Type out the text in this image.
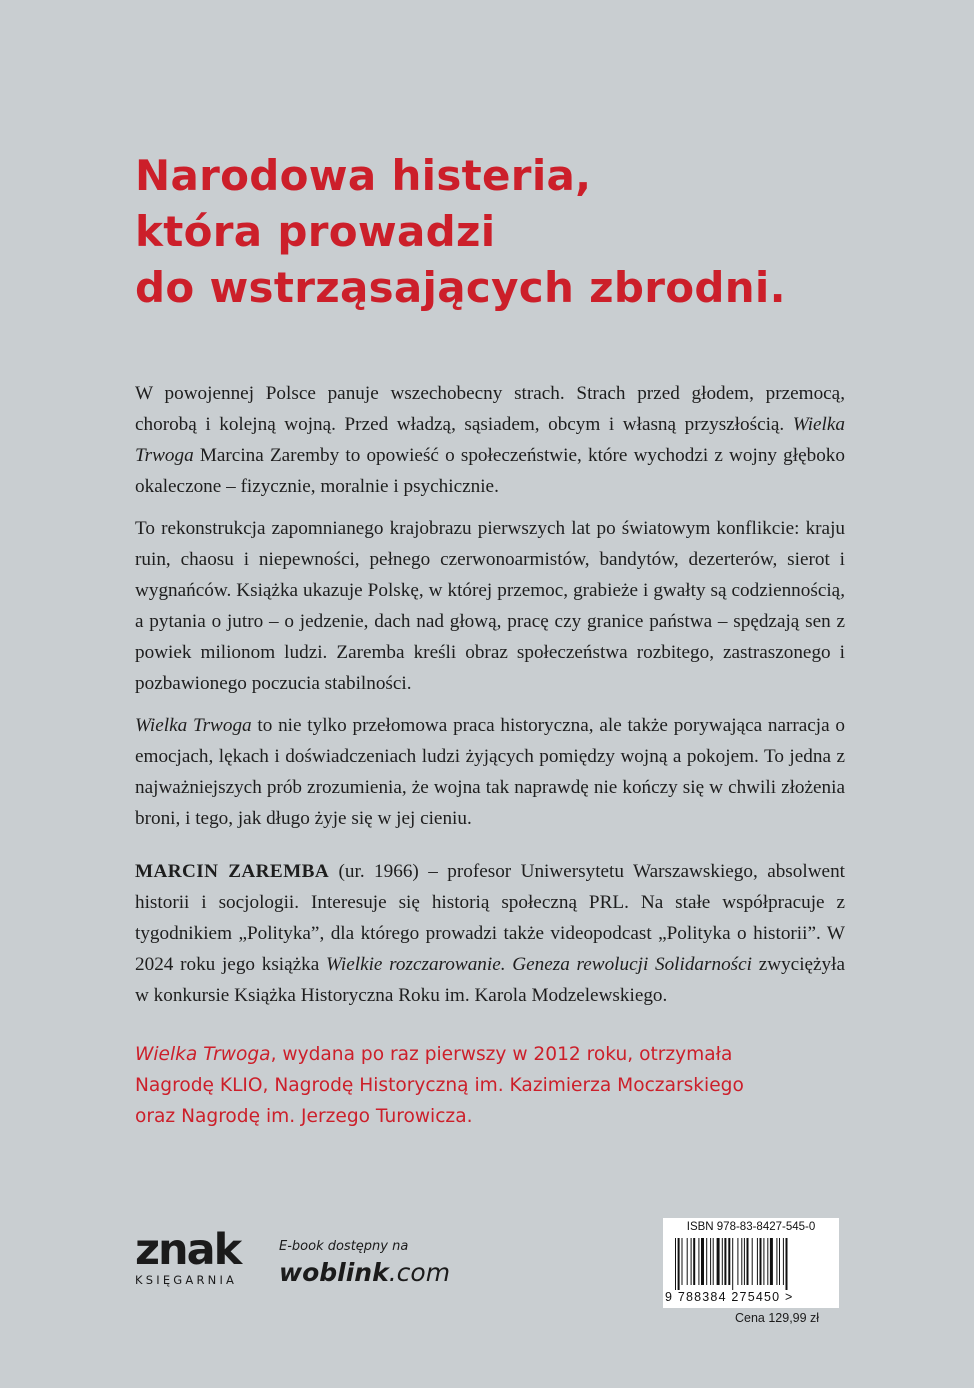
Narodowa histeria,
która prowadzi
do wstrząsających zbrodni.

W powojennej Polsce panuje wszechobecny strach. Strach przed głodem, przemocą, chorobą i kolejną wojną. Przed władzą, sąsiadem, obcym i własną przyszłością. Wielka Trwoga Marcina Zaremby to opowieść o społeczeństwie, które wychodzi z wojny głęboko okaleczone – fizycznie, moralnie i psychicznie.

To rekonstrukcja zapomnianego krajobrazu pierwszych lat po światowym konflikcie: kraju ruin, chaosu i niepewności, pełnego czerwonoarmistów, bandytów, dezerterów, sierot i wygnańców. Książka ukazuje Polskę, w której przemoc, grabieże i gwałty są codziennością, a pytania o jutro – o jedzenie, dach nad głową, pracę czy granice państwa – spędzają sen z powiek milionom ludzi. Zaremba kreśli obraz społeczeństwa rozbitego, zastraszonego i pozbawionego poczucia stabilności.

Wielka Trwoga to nie tylko przełomowa praca historyczna, ale także porywająca narracja o emocjach, lękach i doświadczeniach ludzi żyjących pomiędzy wojną a pokojem. To jedna z najważniejszych prób zrozumienia, że wojna tak naprawdę nie kończy się w chwili złożenia broni, i tego, jak długo żyje się w jej cieniu.

MARCIN ZAREMBA (ur. 1966) – profesor Uniwersytetu Warszawskiego, absolwent historii i socjologii. Interesuje się historią społeczną PRL. Na stałe współpracuje z tygodnikiem „Polityka”, dla którego prowadzi także videopodcast „Polityka o historii”. W 2024 roku jego książka Wielkie rozczarowanie. Geneza rewolucji Solidarności zwyciężyła w konkursie Książka Historyczna Roku im. Karola Modzelewskiego.

Wielka Trwoga, wydana po raz pierwszy w 2012 roku, otrzymała
Nagrodę KLIO, Nagrodę Historyczną im. Kazimierza Moczarskiego
oraz Nagrodę im. Jerzego Turowicza.

znak
KSIĘGARNIA
E-book dostępny na
woblink.com
ISBN 978-83-8427-545-0
9 788384 275450 >
Cena 129,99 zł
